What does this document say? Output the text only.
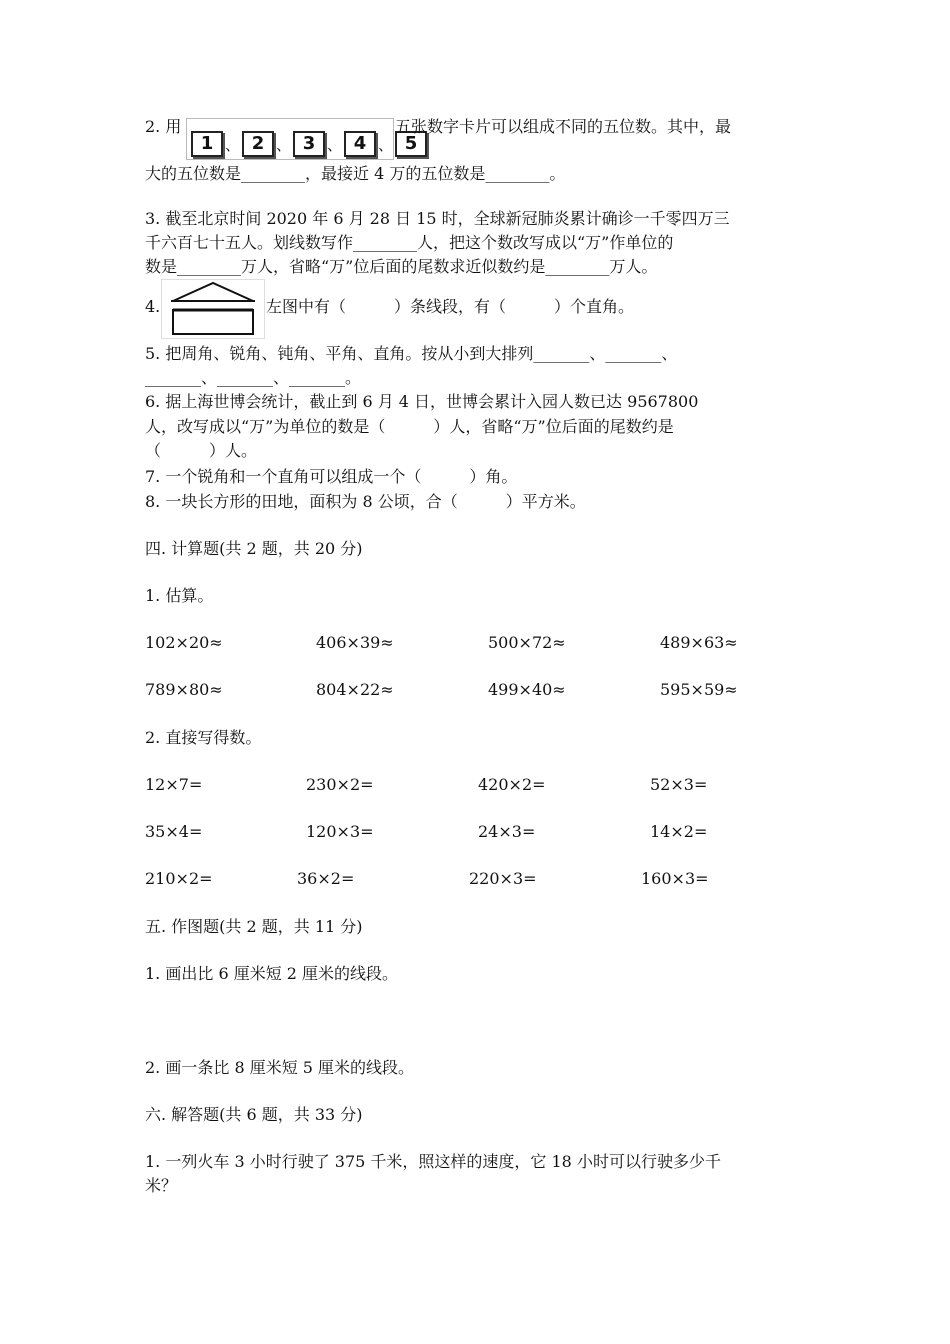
2. 用
1 、 2 、 3 、 4 、 5
五张数字卡片可以组成不同的五位数。其中，最
大的五位数是________，最接近 4 万的五位数是________。
3. 截至北京时间 2020 年 6 月 28 日 15 时，全球新冠肺炎累计确诊一千零四万三
千六百七十五人。划线数写作________人，把这个数改写成以“万”作单位的
数是________万人，省略“万”位后面的尾数求近似数约是________万人。
4.	左图中有（　　　）条线段，有（　　　）个直角。
5. 把周角、锐角、钝角、平角、直角。按从小到大排列_______、_______、
_______、_______、_______。
6. 据上海世博会统计，截止到 6 月 4 日，世博会累计入园人数已达 9567800
人，改写成以“万”为单位的数是（　　　）人，省略“万”位后面的尾数约是
（　　　）人。
7. 一个锐角和一个直角可以组成一个（　　　）角。
8. 一块长方形的田地，面积为 8 公顷，合（　　　）平方米。
四. 计算题(共 2 题，共 20 分)
1. 估算。
102×20≈	406×39≈	500×72≈	489×63≈
789×80≈	804×22≈	499×40≈	595×59≈
2. 直接写得数。
12×7=	230×2=	420×2=	52×3=
35×4=	120×3=	24×3=	14×2=
210×2=	36×2=	220×3=	160×3=
五. 作图题(共 2 题，共 11 分)
1. 画出比 6 厘米短 2 厘米的线段。
2. 画一条比 8 厘米短 5 厘米的线段。
六. 解答题(共 6 题，共 33 分)
1. 一列火车 3 小时行驶了 375 千米，照这样的速度，它 18 小时可以行驶多少千
米？
